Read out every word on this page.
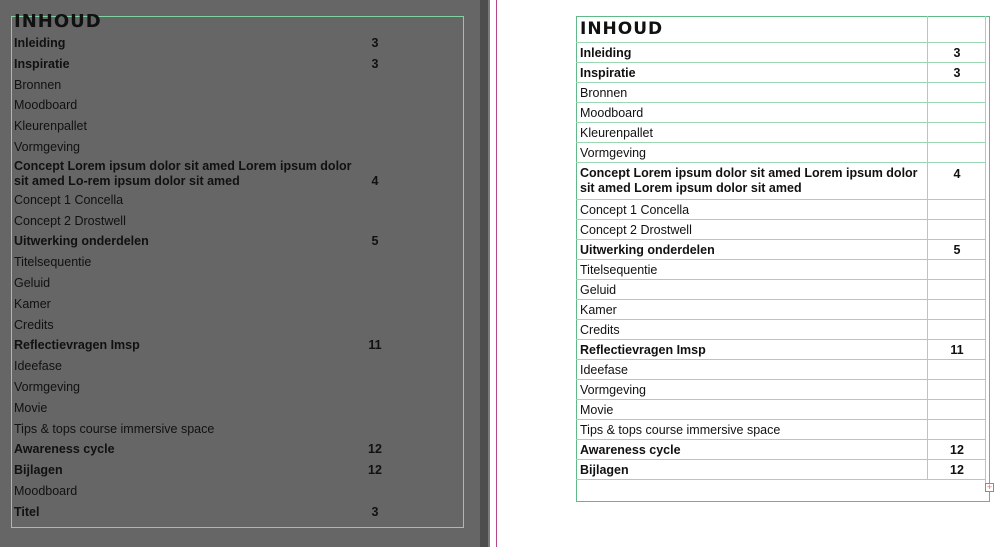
INHOUD
Inleiding	3
Inspiratie	3
Bronnen
Moodboard
Kleurenpallet
Vormgeving
Concept Lorem ipsum dolor sit amed Lorem ipsum dolor sit amed Lo-rem ipsum dolor sit amed	4
Concept 1 Concella
Concept 2 Drostwell
Uitwerking onderdelen	5
Titelsequentie
Geluid
Kamer
Credits
Reflectievragen Imsp	11
Ideefase
Vormgeving
Movie
Tips & tops course immersive space
Awareness cycle	12
Bijlagen	12
Moodboard
Titel	3
INHOUD	
Inleiding	3
Inspiratie	3
Bronnen	
Moodboard	
Kleurenpallet	
Vormgeving	
Concept Lorem ipsum dolor sit amed Lorem ipsum dolor sit amed Lorem ipsum dolor sit amed	4
Concept 1 Concella	
Concept 2 Drostwell	
Uitwerking onderdelen	5
Titelsequentie	
Geluid	
Kamer	
Credits	
Reflectievragen Imsp	11
Ideefase	
Vormgeving	
Movie	
Tips & tops course immersive space	
Awareness cycle	12
Bijlagen	12
+
